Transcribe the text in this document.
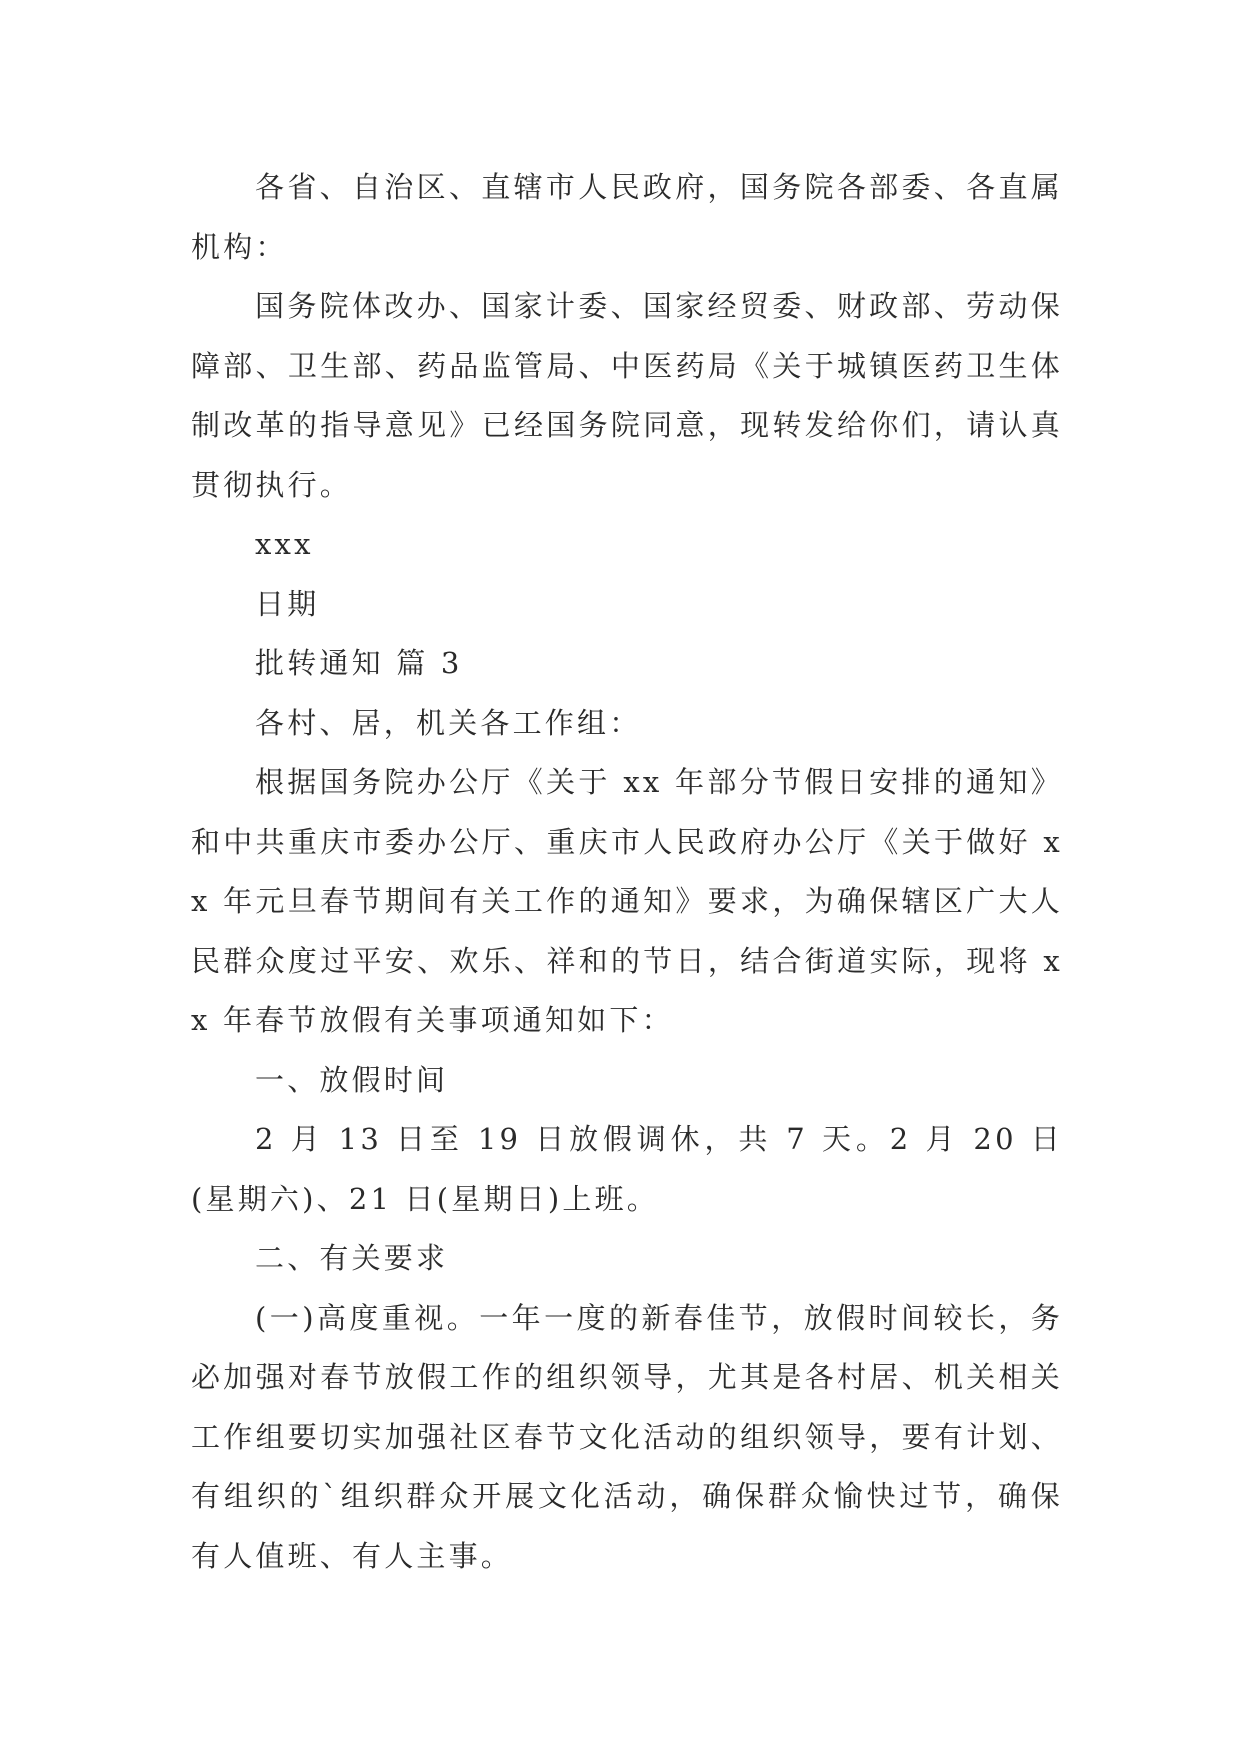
各省、自治区、直辖市人民政府，国务院各部委、各直属机构：

国务院体改办、国家计委、国家经贸委、财政部、劳动保障部、卫生部、药品监管局、中医药局《关于城镇医药卫生体制改革的指导意见》已经国务院同意，现转发给你们，请认真贯彻执行。

xxx

日期

批转通知 篇 3

各村、居，机关各工作组：

根据国务院办公厅《关于 xx 年部分节假日安排的通知》和中共重庆市委办公厅、重庆市人民政府办公厅《关于做好 xx 年元旦春节期间有关工作的通知》要求，为确保辖区广大人民群众度过平安、欢乐、祥和的节日，结合街道实际，现将 xx 年春节放假有关事项通知如下：

一、放假时间

2 月 13 日至 19 日放假调休，共 7 天。2 月 20 日(星期六)、21 日(星期日)上班。

二、有关要求

(一)高度重视。一年一度的新春佳节，放假时间较长，务必加强对春节放假工作的组织领导，尤其是各村居、机关相关工作组要切实加强社区春节文化活动的组织领导，要有计划、有组织的`组织群众开展文化活动，确保群众愉快过节，确保有人值班、有人主事。
